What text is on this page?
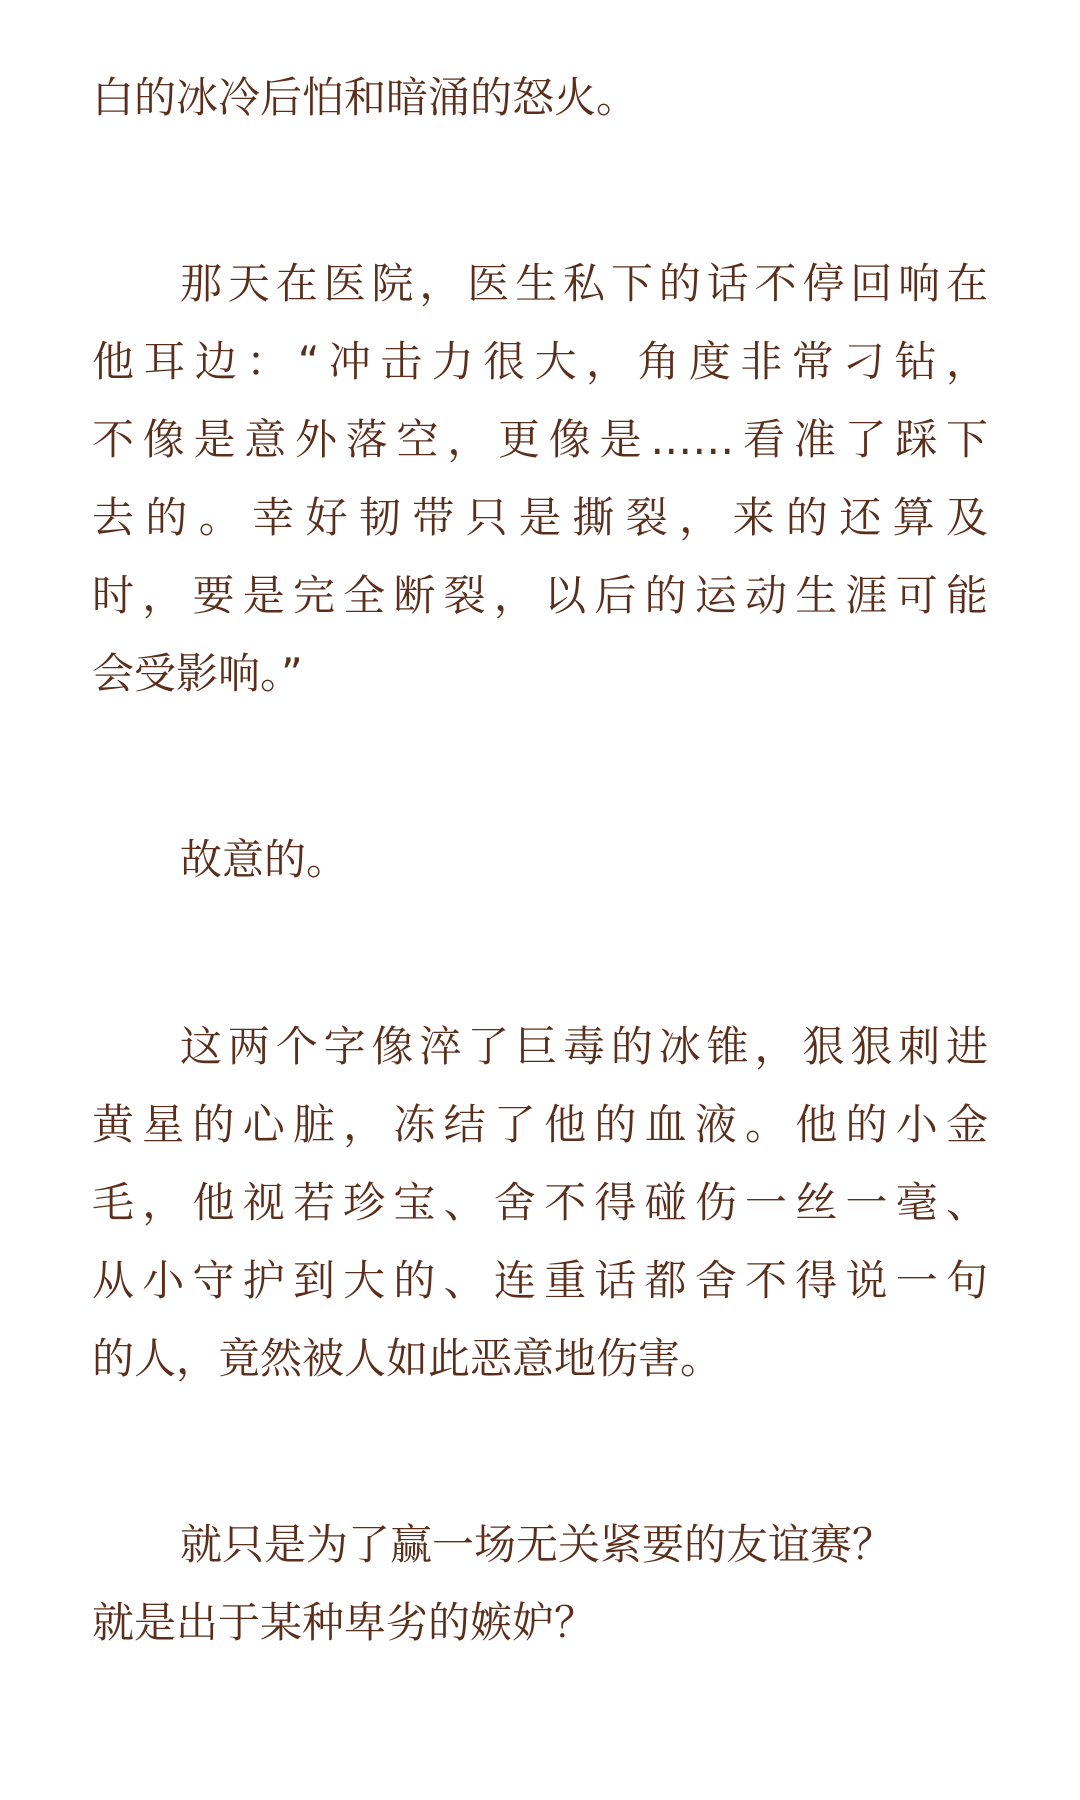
白的冰冷后怕和暗涌的怒火。
那天在医院，医生私下的话不停回响在
他耳边：“冲击力很大，角度非常刁钻，
不像是意外落空，更像是……看准了踩下
去的。幸好韧带只是撕裂，来的还算及
时，要是完全断裂，以后的运动生涯可能
会受影响。”
故意的。
这两个字像淬了巨毒的冰锥，狠狠刺进
黄星的心脏，冻结了他的血液。他的小金
毛，他视若珍宝、舍不得碰伤一丝一毫、
从小守护到大的、连重话都舍不得说一句
的人，竟然被人如此恶意地伤害。
就只是为了赢一场无关紧要的友谊赛？
就是出于某种卑劣的嫉妒？
